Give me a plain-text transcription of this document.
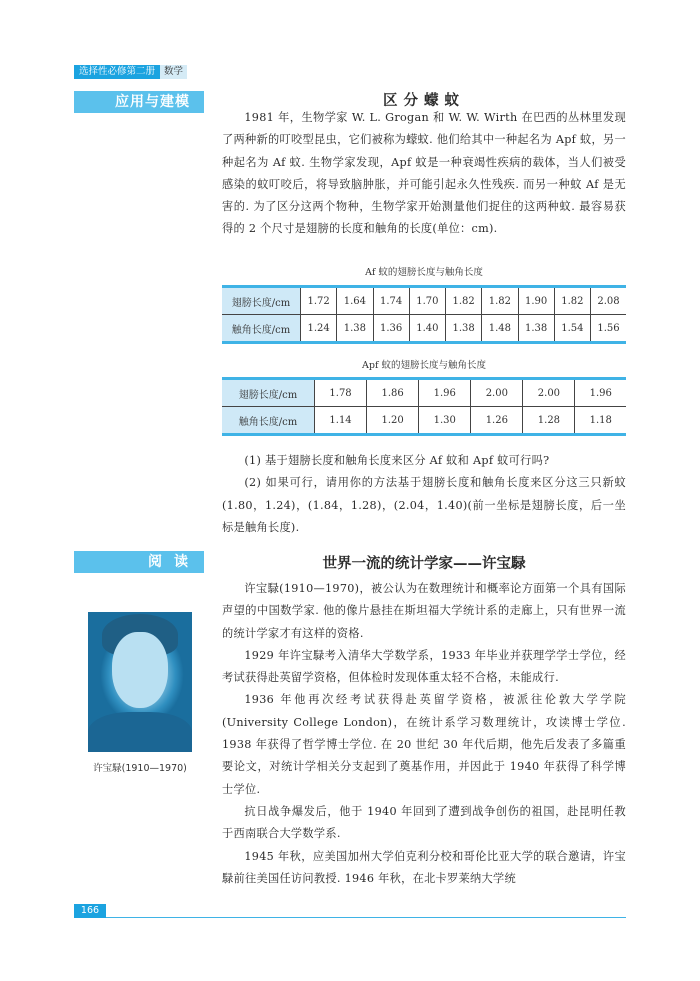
选择性必修第二册 数学
应用与建模	区分蠓蚊

1981 年，生物学家 W. L. Grogan 和 W. W. Wirth 在巴西的丛林里发现了两种新的叮咬型昆虫，它们被称为蠓蚊. 他们给其中一种起名为 Apf 蚊，另一种起名为 Af 蚊. 生物学家发现，Apf 蚊是一种衰竭性疾病的载体，当人们被受感染的蚊叮咬后，将导致脑肿胀，并可能引起永久性残疾. 而另一种蚊 Af 是无害的. 为了区分这两个物种，生物学家开始测量他们捉住的这两种蚊. 最容易获得的 2 个尺寸是翅膀的长度和触角的长度(单位：cm).

Af 蚊的翅膀长度与触角长度
翅膀长度/cm	1.72	1.64	1.74	1.70	1.82	1.82	1.90	1.82	2.08
触角长度/cm	1.24	1.38	1.36	1.40	1.38	1.48	1.38	1.54	1.56
Apf 蚊的翅膀长度与触角长度
翅膀长度/cm	1.78	1.86	1.96	2.00	2.00	1.96
触角长度/cm	1.14	1.20	1.30	1.26	1.28	1.18

(1) 基于翅膀长度和触角长度来区分 Af 蚊和 Apf 蚊可行吗?

(2) 如果可行，请用你的方法基于翅膀长度和触角长度来区分这三只新蚊(1.80，1.24)，(1.84，1.28)，(2.04，1.40)(前一坐标是翅膀长度，后一坐标是触角长度).

阅读	世界一流的统计学家——许宝騄
许宝騄(1910—1970)

许宝騄(1910—1970)，被公认为在数理统计和概率论方面第一个具有国际声望的中国数学家. 他的像片悬挂在斯坦福大学统计系的走廊上，只有世界一流的统计学家才有这样的资格.

1929 年许宝騄考入清华大学数学系，1933 年毕业并获理学学士学位，经考试获得赴英留学资格，但体检时发现体重太轻不合格，未能成行.

1936 年他再次经考试获得赴英留学资格，被派往伦敦大学学院(University College London)，在统计系学习数理统计，攻读博士学位. 1938 年获得了哲学博士学位. 在 20 世纪 30 年代后期，他先后发表了多篇重要论文，对统计学相关分支起到了奠基作用，并因此于 1940 年获得了科学博士学位.

抗日战争爆发后，他于 1940 年回到了遭到战争创伤的祖国，赴昆明任教于西南联合大学数学系.

1945 年秋，应美国加州大学伯克利分校和哥伦比亚大学的联合邀请，许宝騄前往美国任访问教授. 1946 年秋，在北卡罗莱纳大学统

166
